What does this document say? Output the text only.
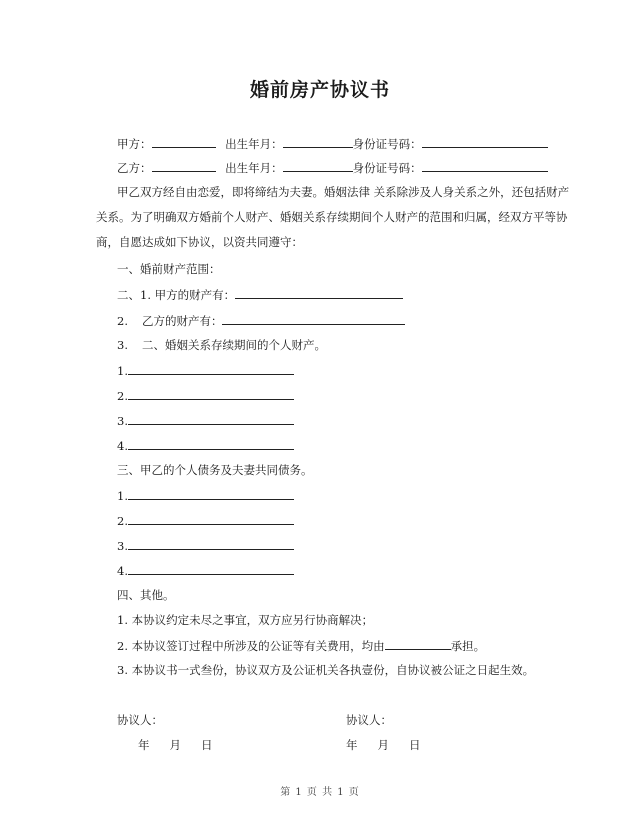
婚前房产协议书
甲方：	出生年月：	身份证号码：
乙方：	出生年月：	身份证号码：
甲乙双方经自由恋爱，即将缔结为夫妻。婚姻法律 关系除涉及人身关系之外，还包括财产
关系。为了明确双方婚前个人财产、婚姻关系存续期间个人财产的范围和归属，经双方平等协
商，自愿达成如下协议，以资共同遵守：
一、婚前财产范围：
二、1. 甲方的财产有：
2. 乙方的财产有：
3. 二、婚姻关系存续期间的个人财产。
1.
2.
3.
4.
三、甲乙的个人债务及夫妻共同债务。
1.
2.
3.
4.
四、其他。
1. 本协议约定未尽之事宜，双方应另行协商解决；
2. 本协议签订过程中所涉及的公证等有关费用，均由	承担。
3. 本协议书一式叁份，协议双方及公证机关各执壹份，自协议被公证之日起生效。
协议人：	协议人：
年 月 日	年 月 日
第 1 页 共 1 页
